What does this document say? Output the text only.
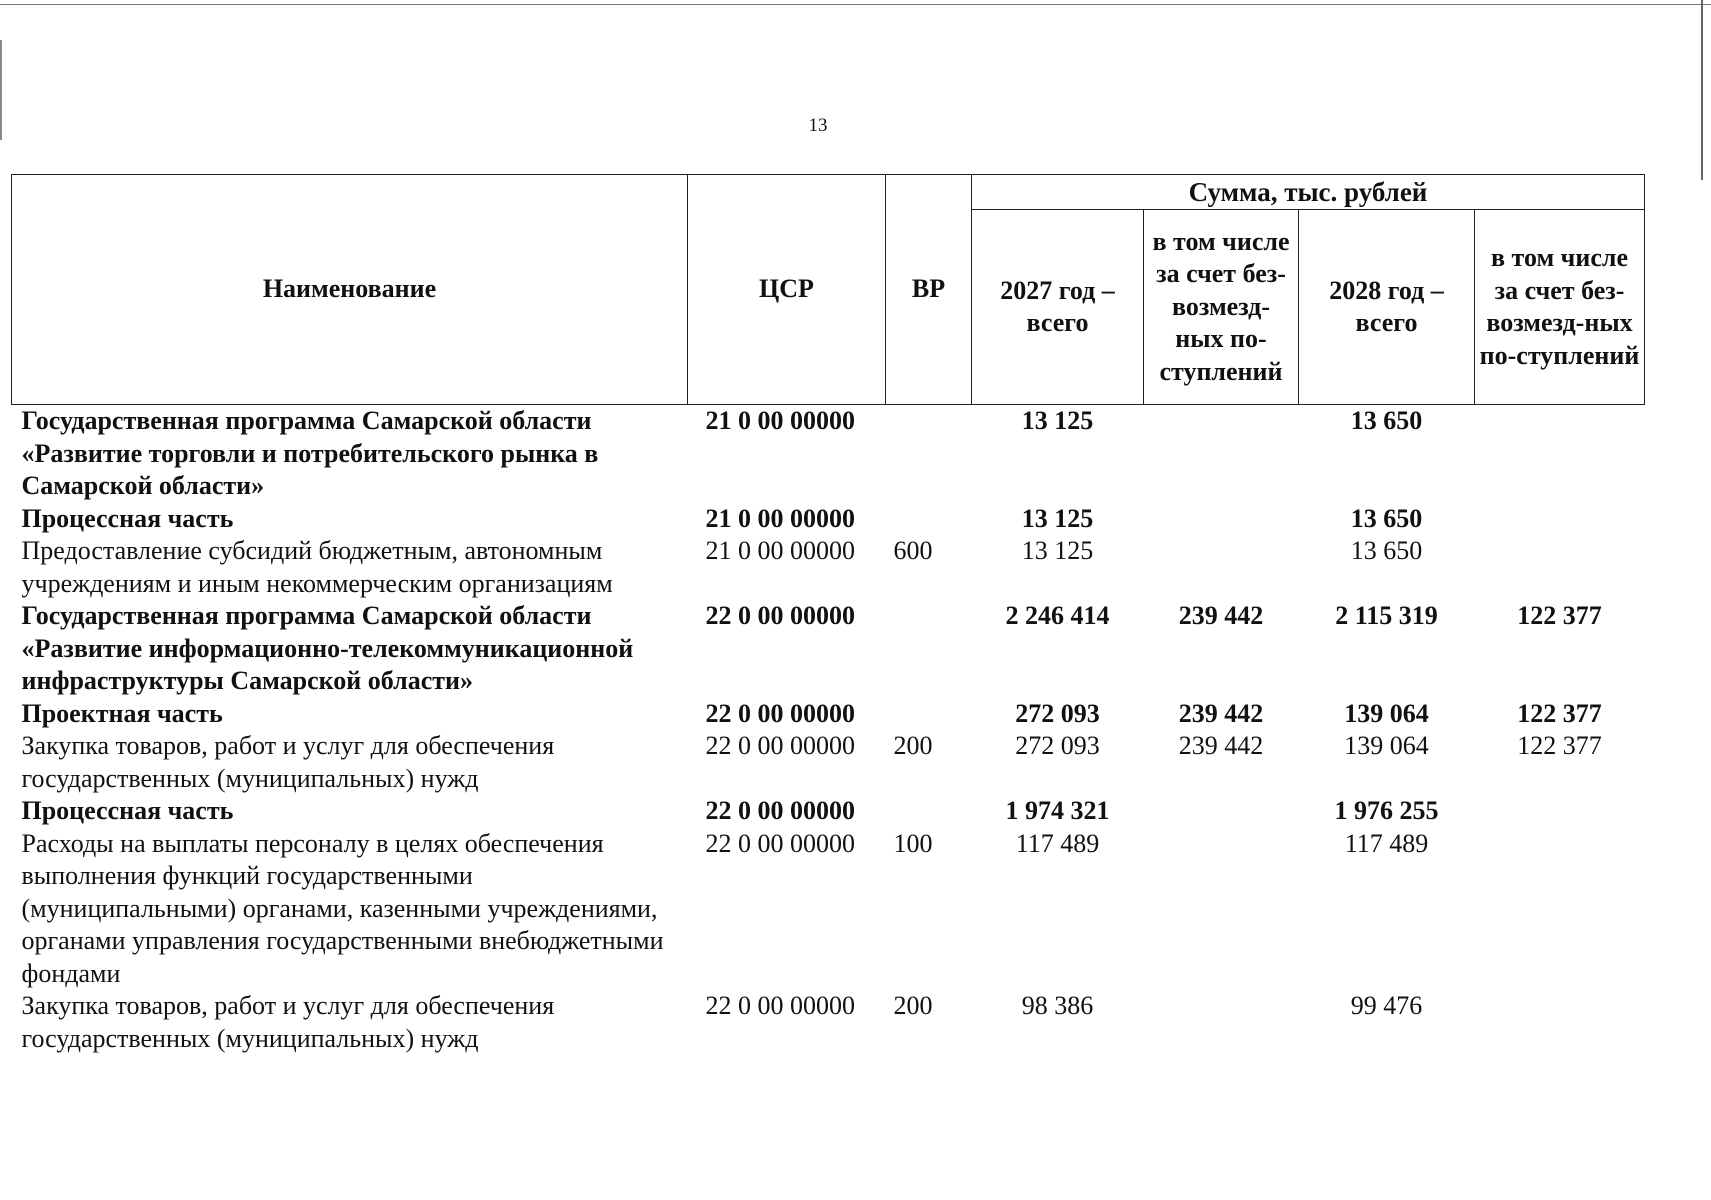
13
Наименование	ЦСР	ВР	Сумма, тыс. рублей			
			2027 год – всего	в том числе за счет без-возмезд-ных по-ступлений	2028 год – всего	в том числе за счет без-возмезд-ных по-ступлений
Государственная программа Самарской области «Развитие торговли и потребительского рынка в Самарской области»	21 0 00 00000		13 125		13 650	
Процессная часть	21 0 00 00000		13 125		13 650	
Предоставление субсидий бюджетным, автономным учреждениям и иным некоммерческим организациям	21 0 00 00000	600	13 125		13 650	
Государственная программа Самарской области «Развитие информационно-телекоммуникационной инфраструктуры Самарской области»	22 0 00 00000		2 246 414	239 442	2 115 319	122 377
Проектная часть	22 0 00 00000		272 093	239 442	139 064	122 377
Закупка товаров, работ и услуг для обеспечения государственных (муниципальных) нужд	22 0 00 00000	200	272 093	239 442	139 064	122 377
Процессная часть	22 0 00 00000		1 974 321		1 976 255	
Расходы на выплаты персоналу в целях обеспечения выполнения функций государственными (муниципальными) органами, казенными учреждениями, органами управления государственными внебюджетными фондами	22 0 00 00000	100	117 489		117 489	
Закупка товаров, работ и услуг для обеспечения государственных (муниципальных) нужд	22 0 00 00000	200	98 386		99 476	
